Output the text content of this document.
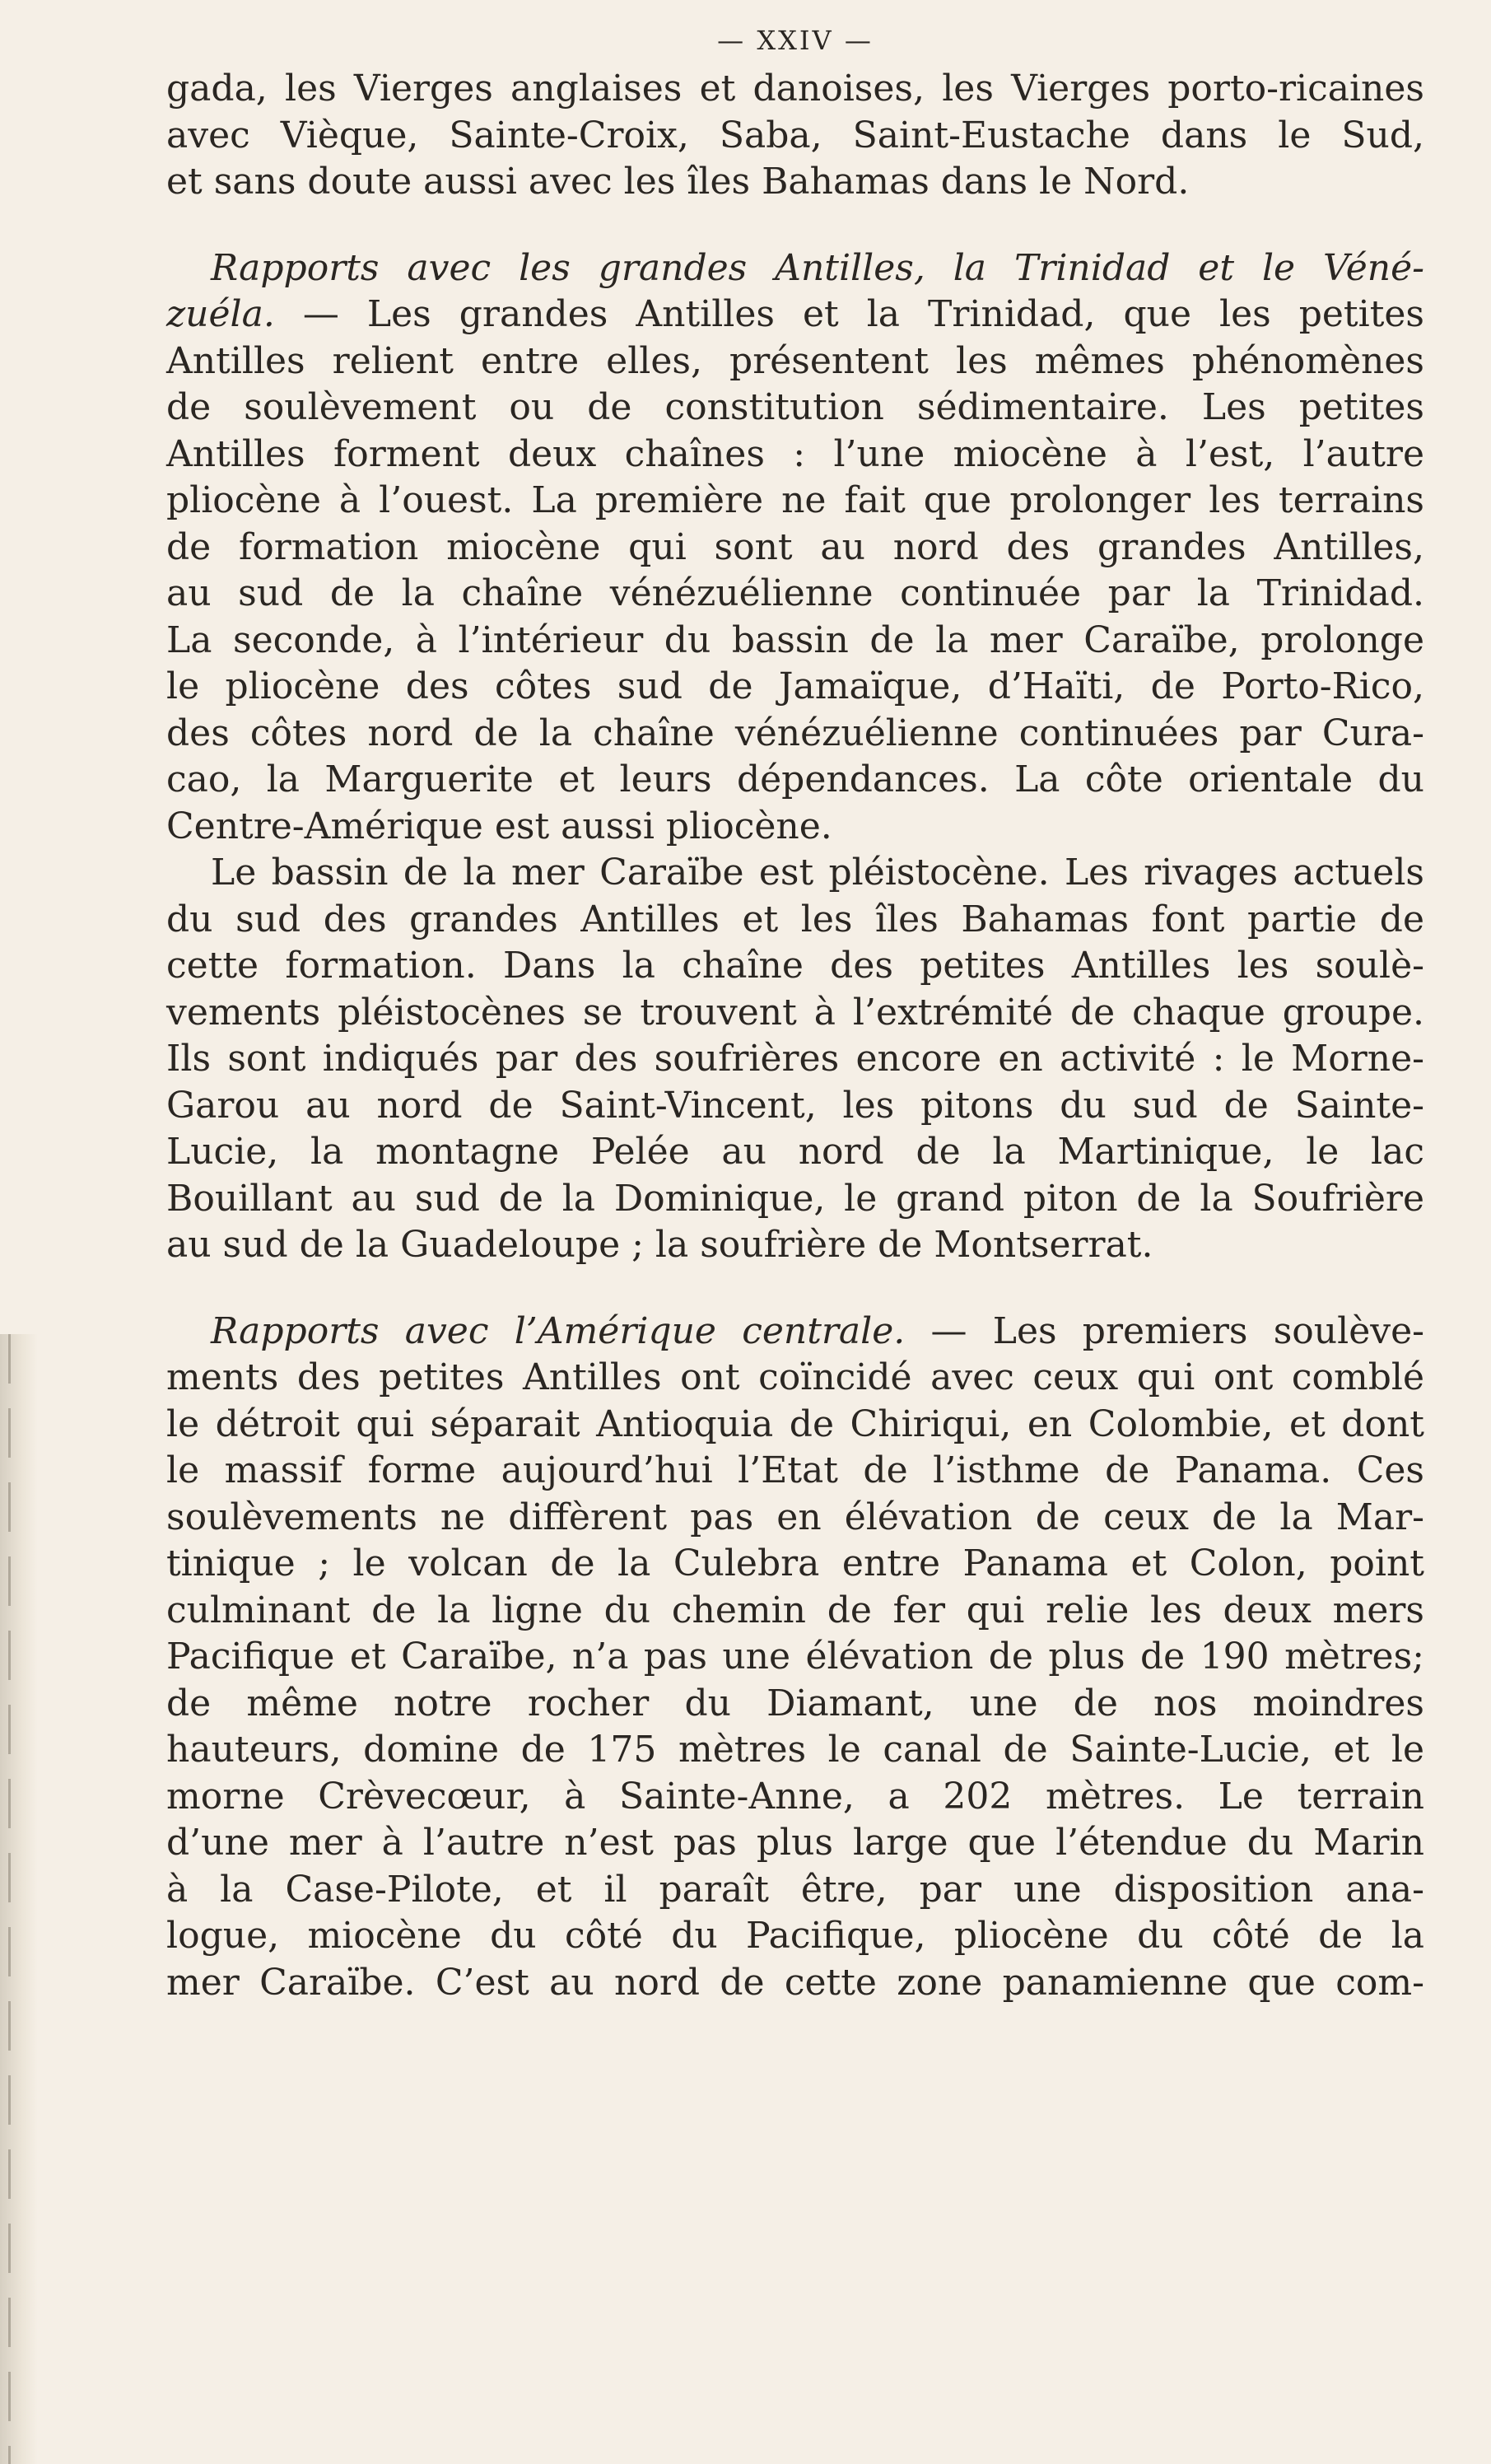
— XXIV —
gada, les Vierges anglaises et danoises, les Vierges porto-ricaines
avec Vièque, Sainte-Croix, Saba, Saint-Eustache dans le Sud,
et sans doute aussi avec les îles Bahamas dans le Nord.
Rapports avec les grandes Antilles, la Trinidad et le Véné-
zuéla. — Les grandes Antilles et la Trinidad, que les petites
Antilles relient entre elles, présentent les mêmes phénomènes
de soulèvement ou de constitution sédimentaire. Les petites
Antilles forment deux chaînes : l’une miocène à l’est, l’autre
pliocène à l’ouest. La première ne fait que prolonger les terrains
de formation miocène qui sont au nord des grandes Antilles,
au sud de la chaîne vénézuélienne continuée par la Trinidad.
La seconde, à l’intérieur du bassin de la mer Caraïbe, prolonge
le pliocène des côtes sud de Jamaïque, d’Haïti, de Porto-Rico,
des côtes nord de la chaîne vénézuélienne continuées par Cura-
cao, la Marguerite et leurs dépendances. La côte orientale du
Centre-Amérique est aussi pliocène.
Le bassin de la mer Caraïbe est pléistocène. Les rivages actuels
du sud des grandes Antilles et les îles Bahamas font partie de
cette formation. Dans la chaîne des petites Antilles les soulè-
vements pléistocènes se trouvent à l’extrémité de chaque groupe.
Ils sont indiqués par des soufrières encore en activité : le Morne-
Garou au nord de Saint-Vincent, les pitons du sud de Sainte-
Lucie, la montagne Pelée au nord de la Martinique, le lac
Bouillant au sud de la Dominique, le grand piton de la Soufrière
au sud de la Guadeloupe ; la soufrière de Montserrat.
Rapports avec l’Amérique centrale. — Les premiers soulève-
ments des petites Antilles ont coïncidé avec ceux qui ont comblé
le détroit qui séparait Antioquia de Chiriqui, en Colombie, et dont
le massif forme aujourd’hui l’Etat de l’isthme de Panama. Ces
soulèvements ne diffèrent pas en élévation de ceux de la Mar-
tinique ; le volcan de la Culebra entre Panama et Colon, point
culminant de la ligne du chemin de fer qui relie les deux mers
Pacifique et Caraïbe, n’a pas une élévation de plus de 190 mètres;
de même notre rocher du Diamant, une de nos moindres
hauteurs, domine de 175 mètres le canal de Sainte-Lucie, et le
morne Crèvecœur, à Sainte-Anne, a 202 mètres. Le terrain
d’une mer à l’autre n’est pas plus large que l’étendue du Marin
à la Case-Pilote, et il paraît être, par une disposition ana-
logue, miocène du côté du Pacifique, pliocène du côté de la
mer Caraïbe. C’est au nord de cette zone panamienne que com-
